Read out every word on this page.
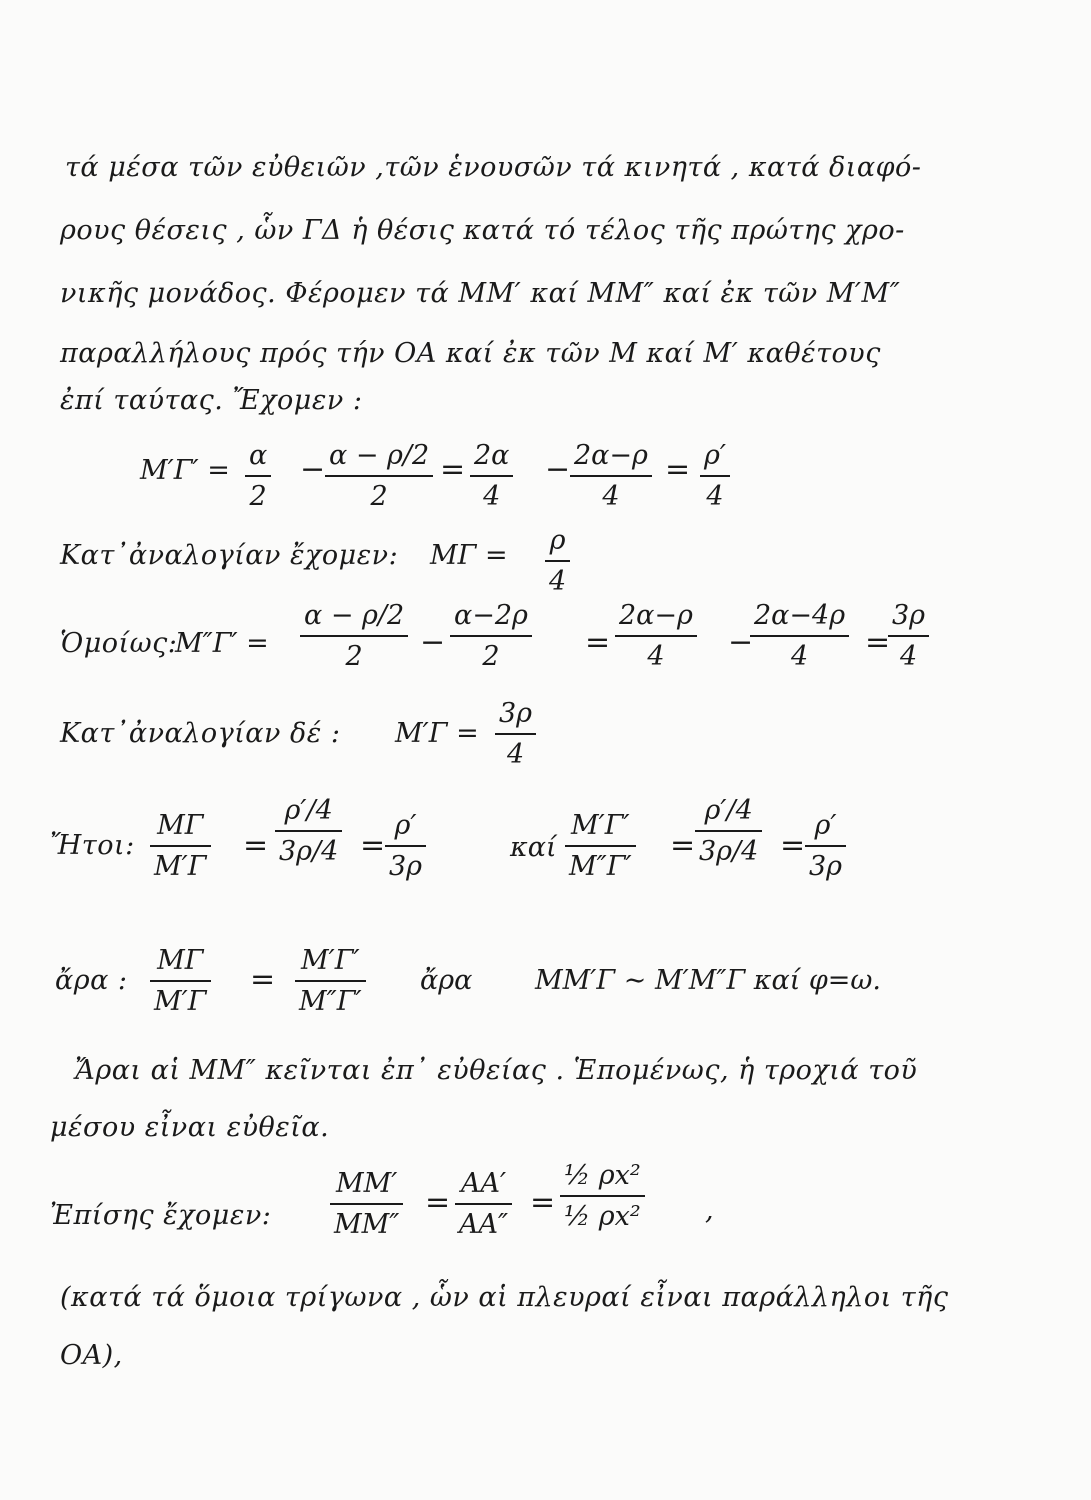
τά μέσα τῶν εὐθειῶν ,τῶν ἑνουσῶν τά κινητά , κατά διαφό-
ρους θέσεις , ὧν ΓΔ ἡ θέσις κατά τό τέλος τῆς πρώτης χρο-
νικῆς μονάδος. Φέρομεν τά ΜΜ′ καί ΜΜ″ καί ἐκ τῶν Μ′Μ″
παραλλήλους πρός τήν ΟΑ καί ἐκ τῶν Μ καί Μ′ καθέτους
ἐπί ταύτας. Ἔχομεν :
Μ′Γ′ = α
2
− α − ρ/2
2
= 2α
4
− 2α−ρ
4
= ρ′
4
Κατ᾽ἀναλογίαν ἔχομεν: ΜΓ = ρ
4
Ὁμοίως:
Μ″Γ′ =
α − ρ/2
2 −
α−2ρ
2	=
2α−ρ
4 −
2α−4ρ
4 =
3ρ
4
Κατ᾽ἀναλογίαν δέ : Μ′Γ =
3ρ
4
Ἤτοι:
ΜΓ
Μ′Γ
=
ρ′/4
3ρ/4 =
ρ′
3ρ
καί
Μ′Γ′
Μ″Γ′
=
ρ′/4
3ρ/4 =
ρ′
3ρ
ἄρα :
ΜΓ
Μ′Γ
=
Μ′Γ′
Μ″Γ′
ἄρα ΜΜ′Γ ∼ Μ′Μ″Γ καί φ=ω.
Ἄραι αἱ ΜΜ″ κεῖνται ἐπ᾽ εὐθείας . Ἑπομένως, ἡ τροχιά τοῦ
μέσου εἶναι εὐθεῖα.
Ἐπίσης ἔχομεν:
ΜΜ′
ΜΜ″
=
ΑΑ′
ΑΑ″
=
½ ρx²
½ ρx² ,
(κατά τά ὅμοια τρίγωνα , ὧν αἱ πλευραί εἶναι παράλληλοι τῆς
ΟΑ),
